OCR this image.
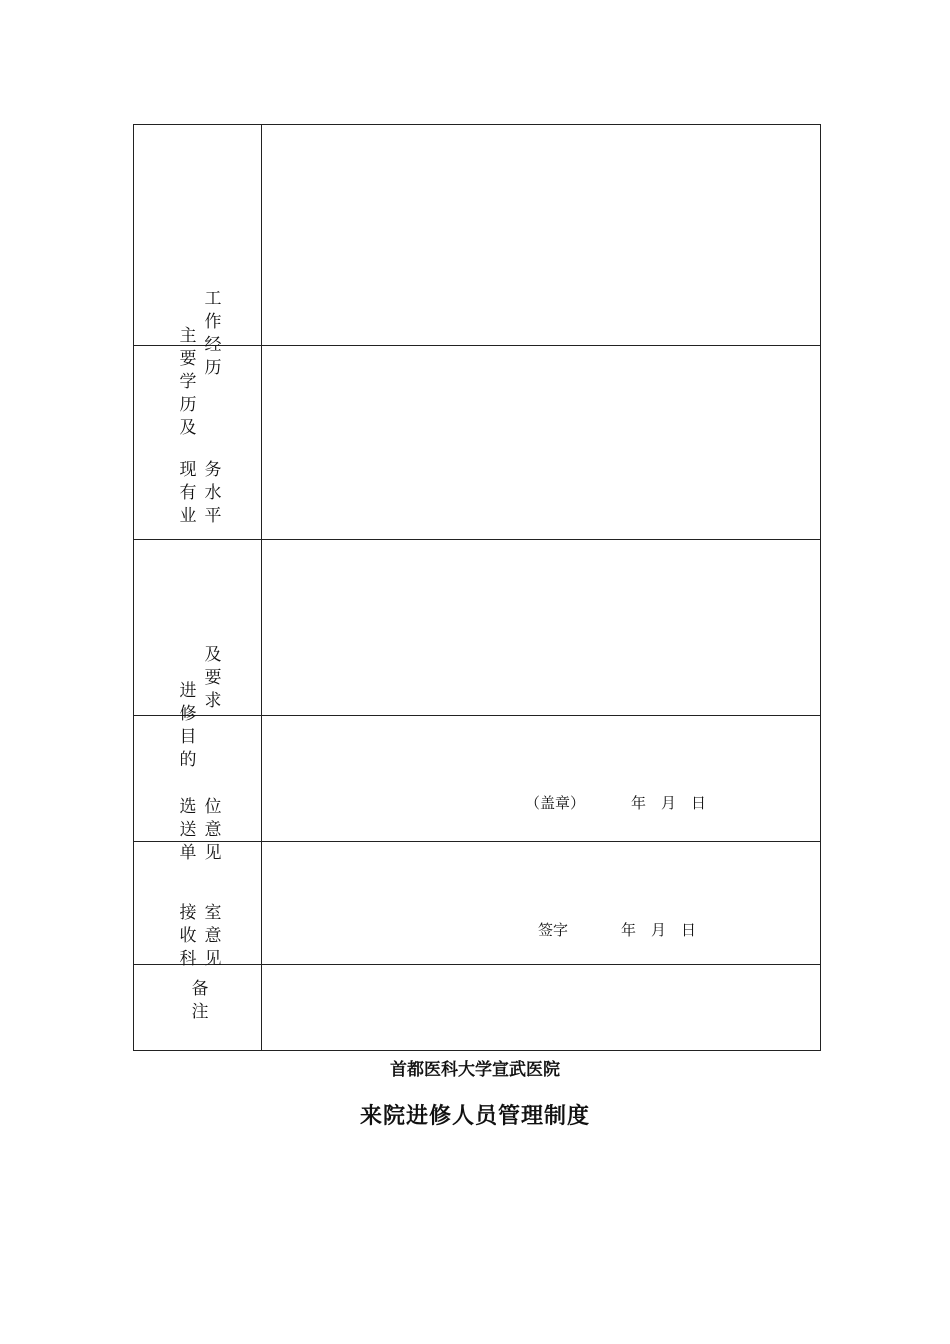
工作经历
主要学历及
现有业
务水平
及要求
进修目的
选送单
位意见
（盖章）	年　月　日
接收科
室意见
签字	年　月　日
备注
首都医科大学宣武医院
来院进修人员管理制度
